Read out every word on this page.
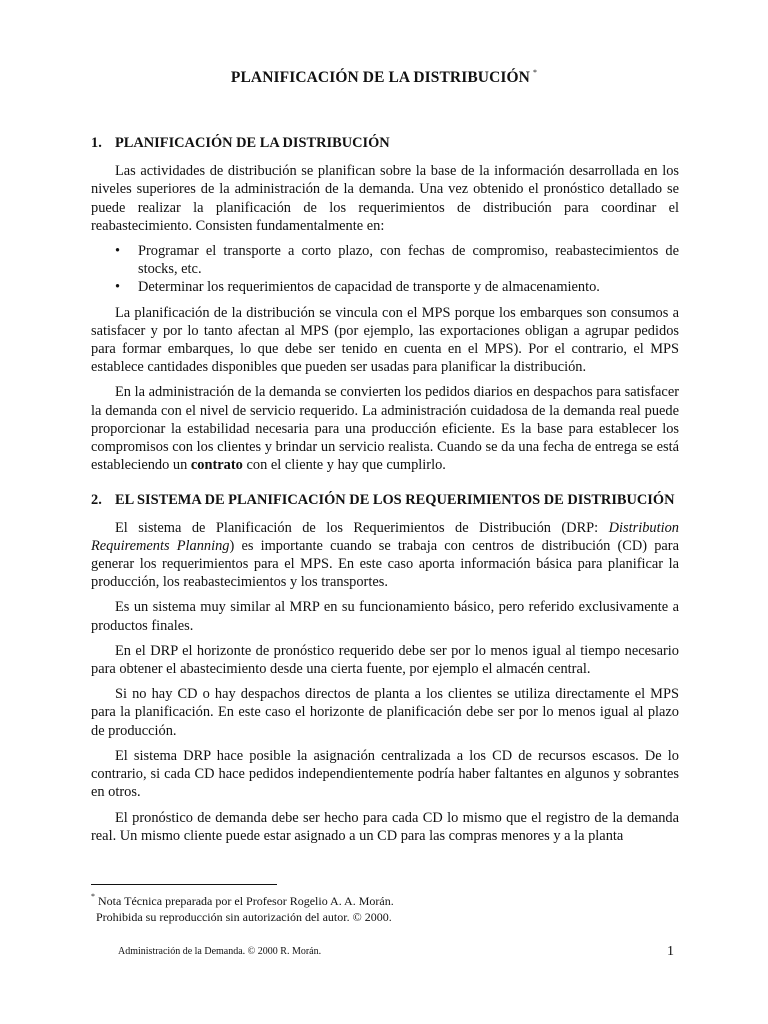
PLANIFICACIÓN DE LA DISTRIBUCIÓN *
1. PLANIFICACIÓN DE LA DISTRIBUCIÓN

Las actividades de distribución se planifican sobre la base de la información desarrollada en los niveles superiores de la administración de la demanda. Una vez obtenido el pronóstico detallado se puede realizar la planificación de los requerimientos de distribución para coordinar el reabastecimiento. Consisten fundamentalmente en:

• Programar el transporte a corto plazo, con fechas de compromiso, reabastecimientos de stocks, etc.
• Determinar los requerimientos de capacidad de transporte y de almacenamiento.

La planificación de la distribución se vincula con el MPS porque los embarques son consumos a satisfacer y por lo tanto afectan al MPS (por ejemplo, las exportaciones obligan a agrupar pedidos para formar embarques, lo que debe ser tenido en cuenta en el MPS). Por el contrario, el MPS establece cantidades disponibles que pueden ser usadas para planificar la distribución.

En la administración de la demanda se convierten los pedidos diarios en despachos para satisfacer la demanda con el nivel de servicio requerido. La administración cuidadosa de la demanda real puede proporcionar la estabilidad necesaria para una producción eficiente. Es la base para establecer los compromisos con los clientes y brindar un servicio realista. Cuando se da una fecha de entrega se está estableciendo un contrato con el cliente y hay que cumplirlo.

2. EL SISTEMA DE PLANIFICACIÓN DE LOS REQUERIMIENTOS DE DISTRIBUCIÓN

El sistema de Planificación de los Requerimientos de Distribución (DRP: Distribution Requirements Planning) es importante cuando se trabaja con centros de distribución (CD) para generar los requerimientos para el MPS. En este caso aporta información básica para planificar la producción, los reabastecimientos y los transportes.

Es un sistema muy similar al MRP en su funcionamiento básico, pero referido exclusivamente a productos finales.

En el DRP el horizonte de pronóstico requerido debe ser por lo menos igual al tiempo necesario para obtener el abastecimiento desde una cierta fuente, por ejemplo el almacén central.

Si no hay CD o hay despachos directos de planta a los clientes se utiliza directamente el MPS para la planificación. En este caso el horizonte de planificación debe ser por lo menos igual al plazo de producción.

El sistema DRP hace posible la asignación centralizada a los CD de recursos escasos. De lo contrario, si cada CD hace pedidos independientemente podría haber faltantes en algunos y sobrantes en otros.

El pronóstico de demanda debe ser hecho para cada CD lo mismo que el registro de la demanda real. Un mismo cliente puede estar asignado a un CD para las compras menores y a la planta

* Nota Técnica preparada por el Profesor Rogelio A. A. Morán.
Prohibida su reproducción sin autorización del autor. © 2000.
Administración de la Demanda. © 2000 R. Morán.	1
